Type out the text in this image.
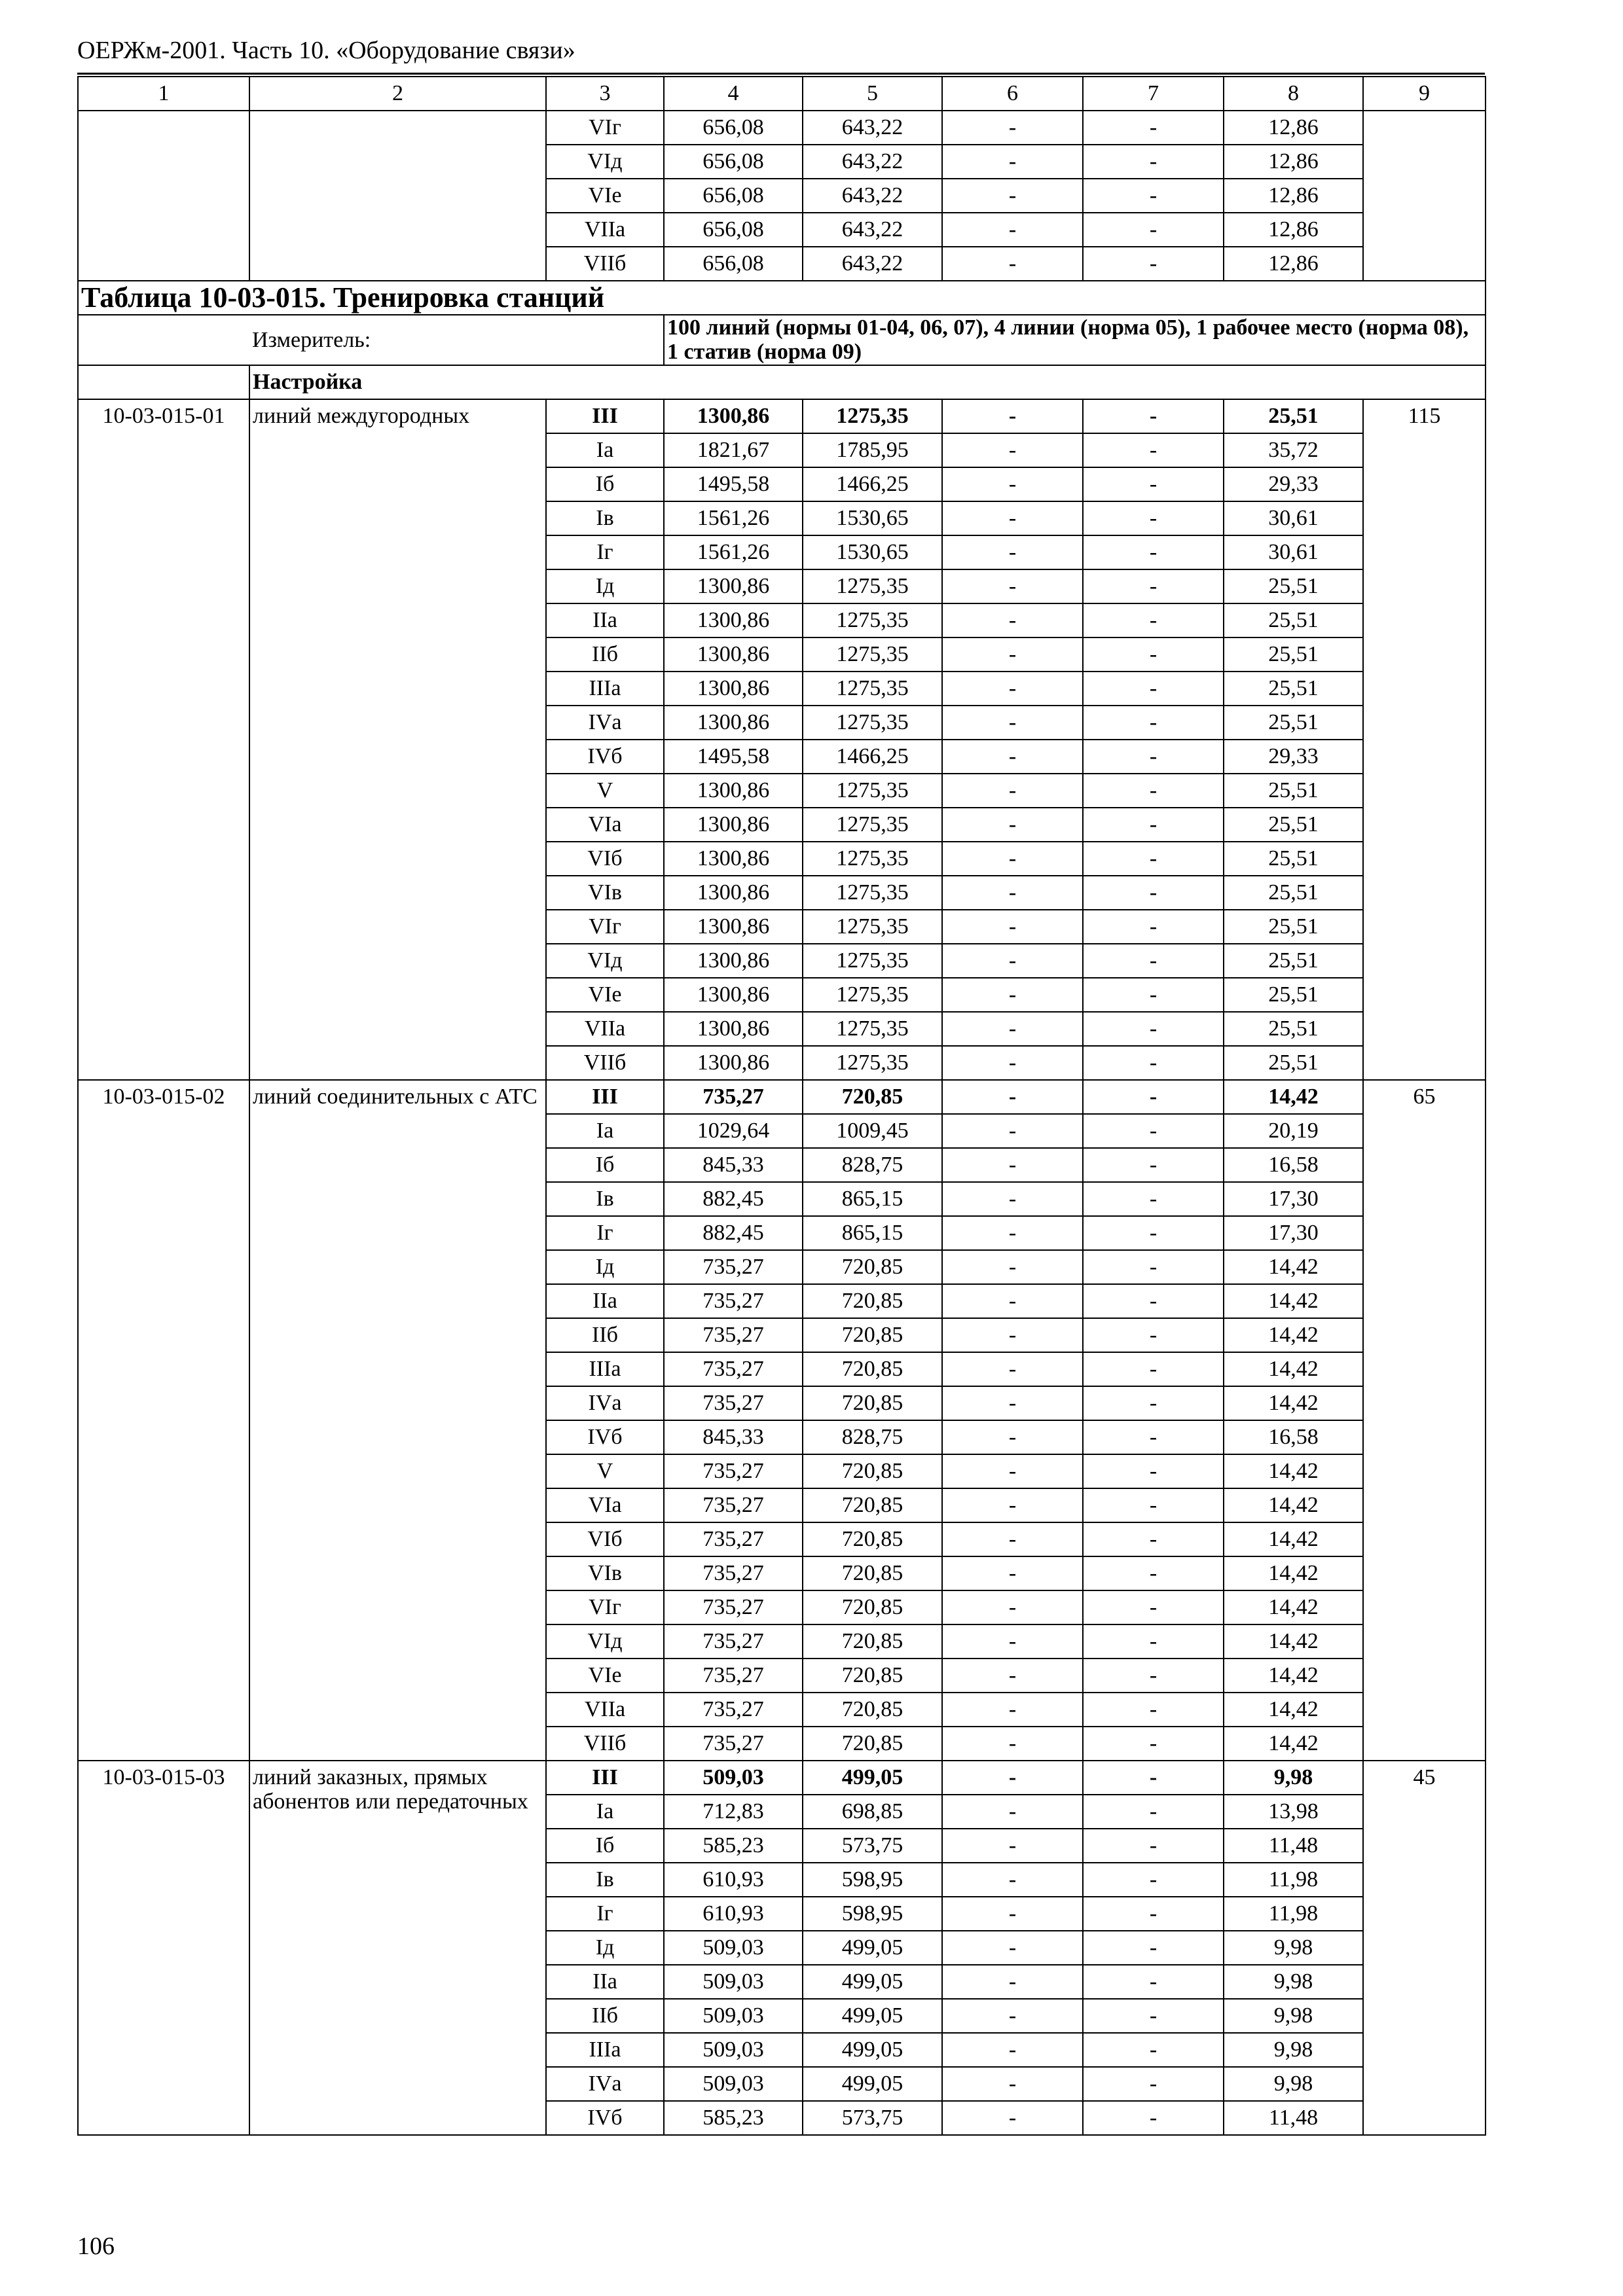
ОЕРЖм-2001. Часть 10. «Оборудование связи»
1	2	3	4	5	6	7	8	9
		VIг	656,08	643,22	-	-	12,86	
		VIд	656,08	643,22	-	-	12,86	
		VIе	656,08	643,22	-	-	12,86	
		VIIа	656,08	643,22	-	-	12,86	
		VIIб	656,08	643,22	-	-	12,86	
Таблица 10-03-015. Тренировка станций								
Измеритель:			100 линий (нормы 01-04, 06, 07), 4 линии (норма 05), 1 рабочее место (норма 08), 1 статив (норма 09)					
	Настройка							
10-03-015-01	линий междугородных	III	1300,86	1275,35	-	-	25,51	115
		Iа	1821,67	1785,95	-	-	35,72	
		Iб	1495,58	1466,25	-	-	29,33	
		Iв	1561,26	1530,65	-	-	30,61	
		Iг	1561,26	1530,65	-	-	30,61	
		Iд	1300,86	1275,35	-	-	25,51	
		IIа	1300,86	1275,35	-	-	25,51	
		IIб	1300,86	1275,35	-	-	25,51	
		IIIа	1300,86	1275,35	-	-	25,51	
		IVа	1300,86	1275,35	-	-	25,51	
		IVб	1495,58	1466,25	-	-	29,33	
		V	1300,86	1275,35	-	-	25,51	
		VIа	1300,86	1275,35	-	-	25,51	
		VIб	1300,86	1275,35	-	-	25,51	
		VIв	1300,86	1275,35	-	-	25,51	
		VIг	1300,86	1275,35	-	-	25,51	
		VIд	1300,86	1275,35	-	-	25,51	
		VIе	1300,86	1275,35	-	-	25,51	
		VIIа	1300,86	1275,35	-	-	25,51	
		VIIб	1300,86	1275,35	-	-	25,51	
10-03-015-02	линий соединительных с АТС	III	735,27	720,85	-	-	14,42	65
		Iа	1029,64	1009,45	-	-	20,19	
		Iб	845,33	828,75	-	-	16,58	
		Iв	882,45	865,15	-	-	17,30	
		Iг	882,45	865,15	-	-	17,30	
		Iд	735,27	720,85	-	-	14,42	
		IIа	735,27	720,85	-	-	14,42	
		IIб	735,27	720,85	-	-	14,42	
		IIIа	735,27	720,85	-	-	14,42	
		IVа	735,27	720,85	-	-	14,42	
		IVб	845,33	828,75	-	-	16,58	
		V	735,27	720,85	-	-	14,42	
		VIа	735,27	720,85	-	-	14,42	
		VIб	735,27	720,85	-	-	14,42	
		VIв	735,27	720,85	-	-	14,42	
		VIг	735,27	720,85	-	-	14,42	
		VIд	735,27	720,85	-	-	14,42	
		VIе	735,27	720,85	-	-	14,42	
		VIIа	735,27	720,85	-	-	14,42	
		VIIб	735,27	720,85	-	-	14,42	
10-03-015-03	линий заказных, прямых абонентов или передаточных	III	509,03	499,05	-	-	9,98	45
		Iа	712,83	698,85	-	-	13,98	
		Iб	585,23	573,75	-	-	11,48	
		Iв	610,93	598,95	-	-	11,98	
		Iг	610,93	598,95	-	-	11,98	
		Iд	509,03	499,05	-	-	9,98	
		IIа	509,03	499,05	-	-	9,98	
		IIб	509,03	499,05	-	-	9,98	
		IIIа	509,03	499,05	-	-	9,98	
		IVа	509,03	499,05	-	-	9,98	
		IVб	585,23	573,75	-	-	11,48	
106
